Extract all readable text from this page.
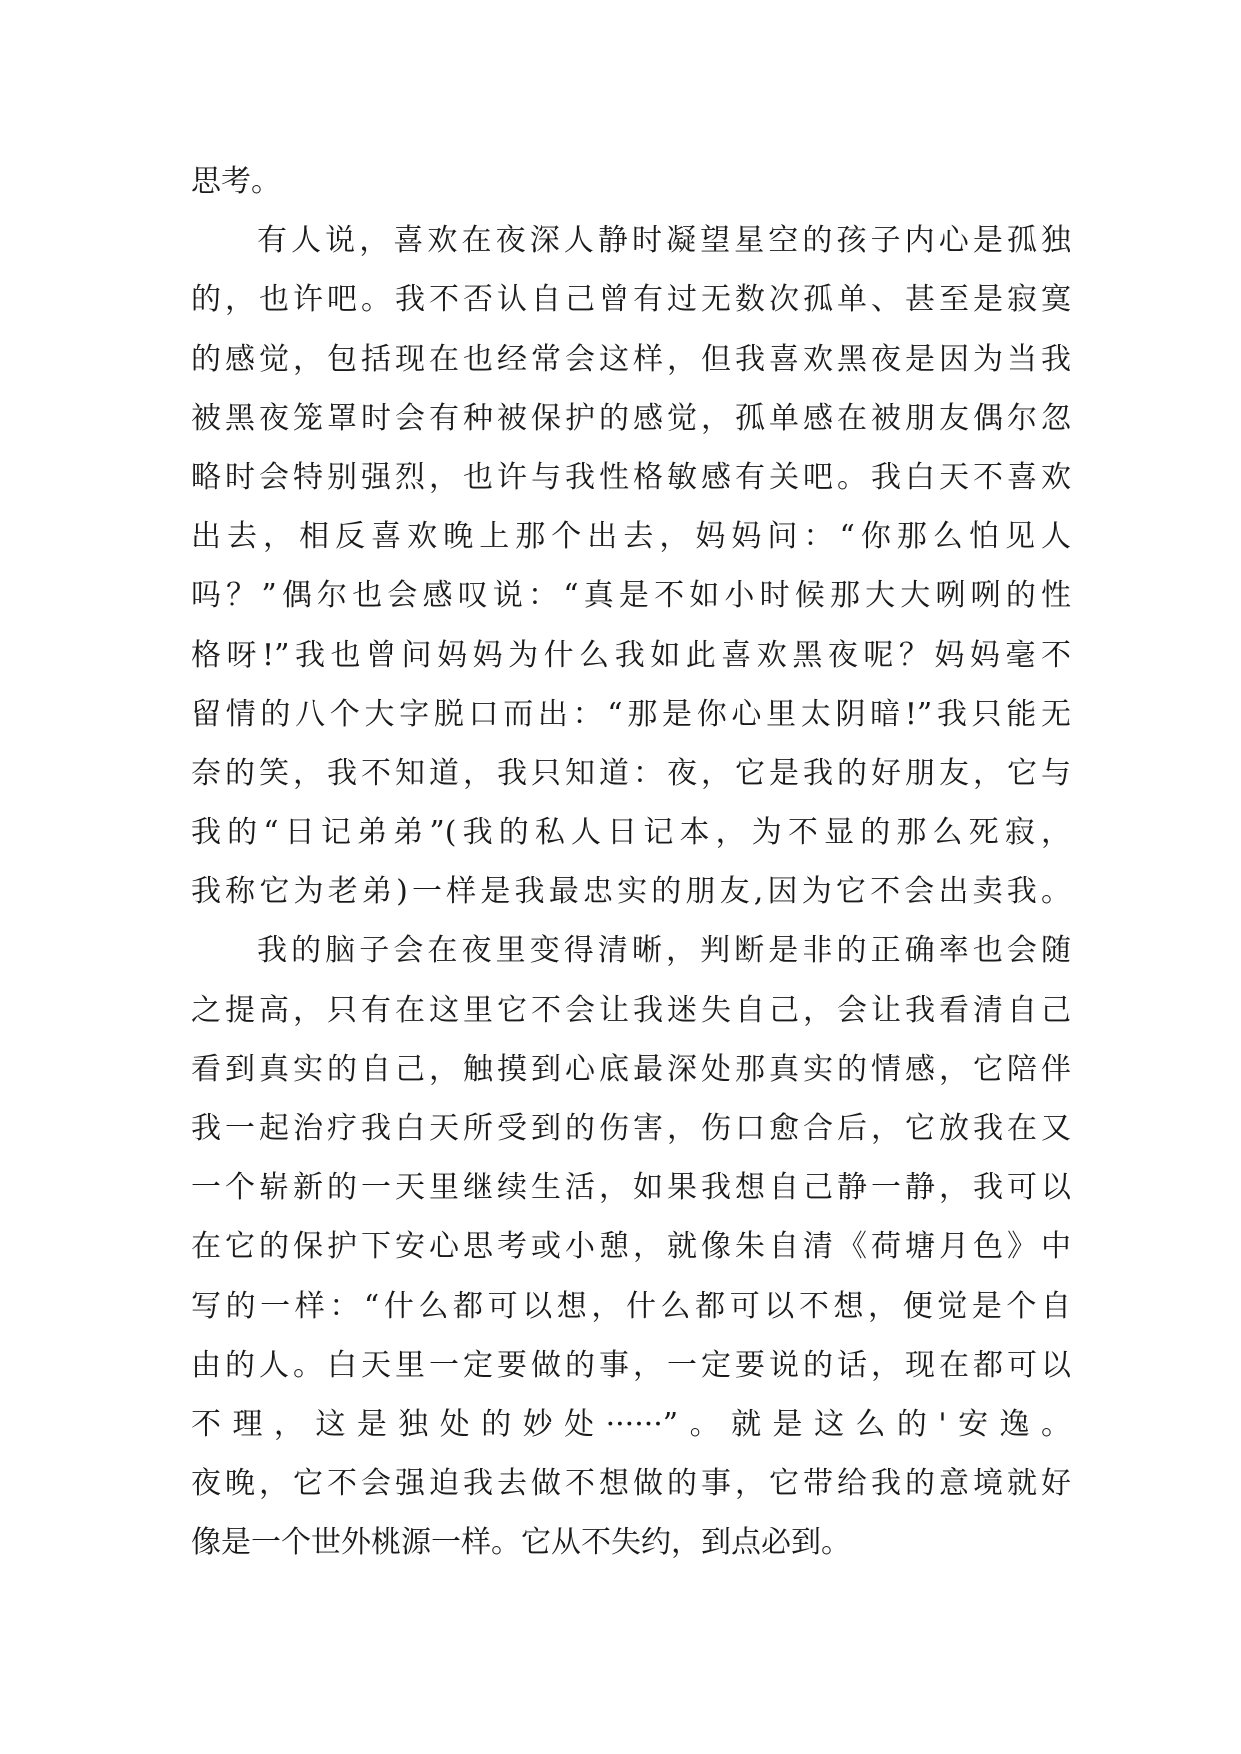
思考。
有人说，喜欢在夜深人静时凝望星空的孩子内心是孤独
的，也许吧。我不否认自己曾有过无数次孤单、甚至是寂寞
的感觉，包括现在也经常会这样，但我喜欢黑夜是因为当我
被黑夜笼罩时会有种被保护的感觉，孤单感在被朋友偶尔忽
略时会特别强烈，也许与我性格敏感有关吧。我白天不喜欢
出去，相反喜欢晚上那个出去，妈妈问：“你那么怕见人
吗？”偶尔也会感叹说：“真是不如小时候那大大咧咧的性
格呀!”我也曾问妈妈为什么我如此喜欢黑夜呢？妈妈毫不
留情的八个大字脱口而出：“那是你心里太阴暗!”我只能无
奈的笑，我不知道，我只知道：夜，它是我的好朋友，它与
我的“日记弟弟”(我的私人日记本，为不显的那么死寂，
我称它为老弟)一样是我最忠实的朋友,因为它不会出卖我。
我的脑子会在夜里变得清晰，判断是非的正确率也会随
之提高，只有在这里它不会让我迷失自己，会让我看清自己
看到真实的自己，触摸到心底最深处那真实的情感，它陪伴
我一起治疗我白天所受到的伤害，伤口愈合后，它放我在又
一个崭新的一天里继续生活，如果我想自己静一静，我可以
在它的保护下安心思考或小憩，就像朱自清《荷塘月色》中
写的一样：“什么都可以想，什么都可以不想，便觉是个自
由的人。白天里一定要做的事，一定要说的话，现在都可以
不理，这是独处的妙处······”。就是这么的'安逸。
夜晚，它不会强迫我去做不想做的事，它带给我的意境就好
像是一个世外桃源一样。它从不失约，到点必到。
